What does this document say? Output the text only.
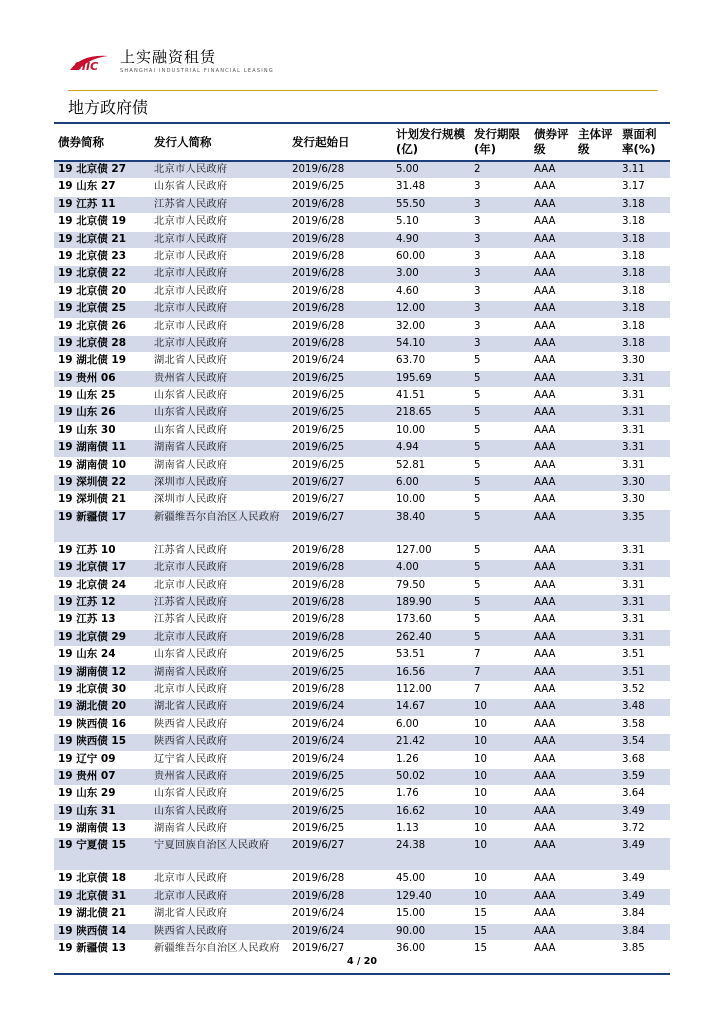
SIIC
上实融资租赁
SHANGHAI INDUSTRIAL FINANCIAL LEASING
地方政府债
债券简称	发行人简称	发行起始日	计划发行规模(亿)	发行期限(年)	债券评级	主体评级	票面利率(%)
19 北京债 27	北京市人民政府	2019/6/28	5.00	2	AAA		3.11
19 山东 27	山东省人民政府	2019/6/25	31.48	3	AAA		3.17
19 江苏 11	江苏省人民政府	2019/6/28	55.50	3	AAA		3.18
19 北京债 19	北京市人民政府	2019/6/28	5.10	3	AAA		3.18
19 北京债 21	北京市人民政府	2019/6/28	4.90	3	AAA		3.18
19 北京债 23	北京市人民政府	2019/6/28	60.00	3	AAA		3.18
19 北京债 22	北京市人民政府	2019/6/28	3.00	3	AAA		3.18
19 北京债 20	北京市人民政府	2019/6/28	4.60	3	AAA		3.18
19 北京债 25	北京市人民政府	2019/6/28	12.00	3	AAA		3.18
19 北京债 26	北京市人民政府	2019/6/28	32.00	3	AAA		3.18
19 北京债 28	北京市人民政府	2019/6/28	54.10	3	AAA		3.18
19 湖北债 19	湖北省人民政府	2019/6/24	63.70	5	AAA		3.30
19 贵州 06	贵州省人民政府	2019/6/25	195.69	5	AAA		3.31
19 山东 25	山东省人民政府	2019/6/25	41.51	5	AAA		3.31
19 山东 26	山东省人民政府	2019/6/25	218.65	5	AAA		3.31
19 山东 30	山东省人民政府	2019/6/25	10.00	5	AAA		3.31
19 湖南债 11	湖南省人民政府	2019/6/25	4.94	5	AAA		3.31
19 湖南债 10	湖南省人民政府	2019/6/25	52.81	5	AAA		3.31
19 深圳债 22	深圳市人民政府	2019/6/27	6.00	5	AAA		3.30
19 深圳债 21	深圳市人民政府	2019/6/27	10.00	5	AAA		3.30
19 新疆债 17	新疆维吾尔自治区人民政府	2019/6/27	38.40	5	AAA		3.35
19 江苏 10	江苏省人民政府	2019/6/28	127.00	5	AAA		3.31
19 北京债 17	北京市人民政府	2019/6/28	4.00	5	AAA		3.31
19 北京债 24	北京市人民政府	2019/6/28	79.50	5	AAA		3.31
19 江苏 12	江苏省人民政府	2019/6/28	189.90	5	AAA		3.31
19 江苏 13	江苏省人民政府	2019/6/28	173.60	5	AAA		3.31
19 北京债 29	北京市人民政府	2019/6/28	262.40	5	AAA		3.31
19 山东 24	山东省人民政府	2019/6/25	53.51	7	AAA		3.51
19 湖南债 12	湖南省人民政府	2019/6/25	16.56	7	AAA		3.51
19 北京债 30	北京市人民政府	2019/6/28	112.00	7	AAA		3.52
19 湖北债 20	湖北省人民政府	2019/6/24	14.67	10	AAA		3.48
19 陕西债 16	陕西省人民政府	2019/6/24	6.00	10	AAA		3.58
19 陕西债 15	陕西省人民政府	2019/6/24	21.42	10	AAA		3.54
19 辽宁 09	辽宁省人民政府	2019/6/24	1.26	10	AAA		3.68
19 贵州 07	贵州省人民政府	2019/6/25	50.02	10	AAA		3.59
19 山东 29	山东省人民政府	2019/6/25	1.76	10	AAA		3.64
19 山东 31	山东省人民政府	2019/6/25	16.62	10	AAA		3.49
19 湖南债 13	湖南省人民政府	2019/6/25	1.13	10	AAA		3.72
19 宁夏债 15	宁夏回族自治区人民政府	2019/6/27	24.38	10	AAA		3.49
19 北京债 18	北京市人民政府	2019/6/28	45.00	10	AAA		3.49
19 北京债 31	北京市人民政府	2019/6/28	129.40	10	AAA		3.49
19 湖北债 21	湖北省人民政府	2019/6/24	15.00	15	AAA		3.84
19 陕西债 14	陕西省人民政府	2019/6/24	90.00	15	AAA		3.84
19 新疆债 13	新疆维吾尔自治区人民政府	2019/6/27	36.00	15	AAA		3.85
4 / 20
